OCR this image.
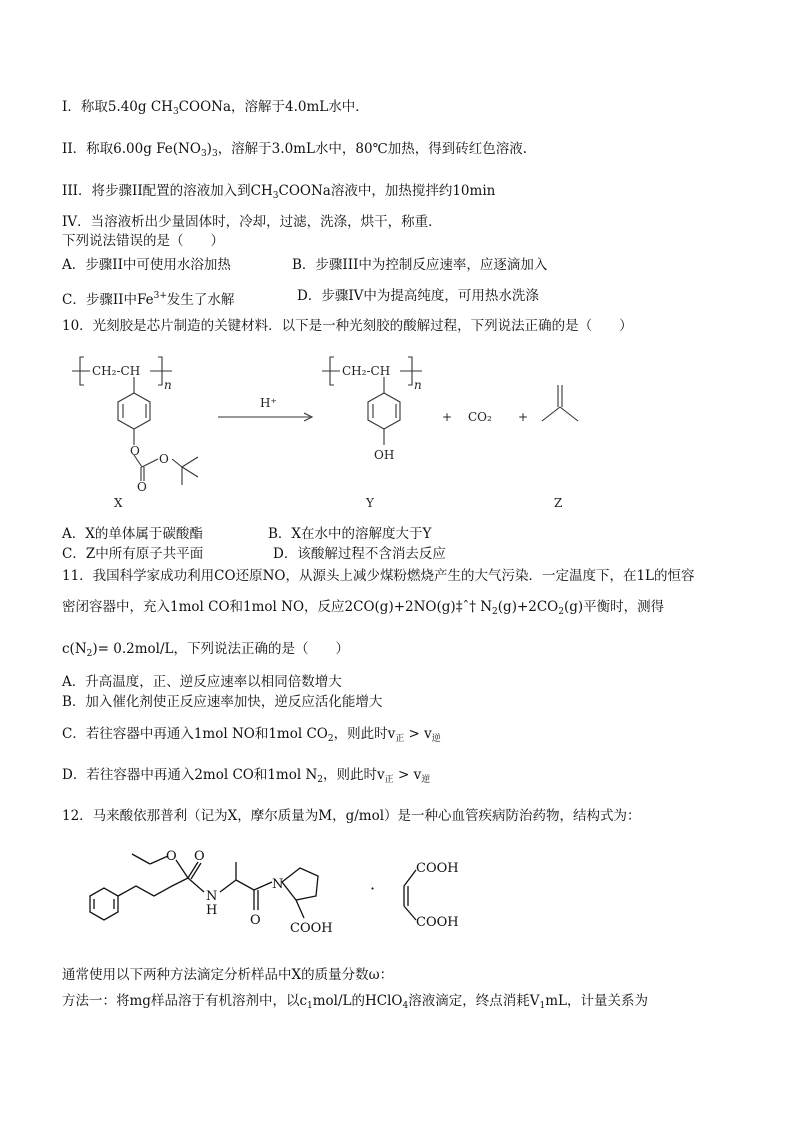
I．称取5.40g $CH_3COONa$，溶解于4.0mL水中．
II．称取6.00g $Fe(NO_3)_3$，溶解于3.0mL水中，80℃加热，得到砖红色溶液.
III．将步骤II配置的溶液加入到$CH_3COONa$溶液中，加热搅拌约10min
IV．当溶液析出少量固体时，冷却，过滤，洗涤，烘干，称重．
下列说法错误的是（　　）
A．步骤II中可使用水浴加热	B．步骤III中为控制反应速率，应逐滴加入
C．步骤II中$Fe^{3+}$发生了水解	D．步骤IV中为提高纯度，可用热水洗涤
10．光刻胶是芯片制造的关键材料．以下是一种光刻胶的酸解过程，下列说法正确的是（　　）
CH₂-CH
n
O
O
O
H⁺
CH₂-CH
n
OH
+ CO₂ +
X	Y	Z
A．X的单体属于碳酸酯	B．X在水中的溶解度大于Y
C．Z中所有原子共平面	D．该酸解过程不含消去反应
11．我国科学家成功利用CO还原NO，从源头上减少煤粉燃烧产生的大气污染．一定温度下，在1L的恒容
密闭容器中，充入1mol CO和1mol NO，反应2CO(g)+2NO(g)‡ˆ† $N_2(g)+2CO_2(g)$平衡时，测得
$c(N_2)= 0.2mol/L$，下列说法正确的是（　　）
A．升高温度，正、逆反应速率以相同倍数增大
B．加入催化剂使正反应速率加快，逆反应活化能增大
C．若往容器中再通入1mol NO和1mol $CO_2$，则此时$v_正 > v_逆$
D．若往容器中再通入2mol CO和1mol $N_2$，则此时$v_正 > v_逆$
12．马来酸依那普利（记为X，摩尔质量为M，g/mol）是一种心血管疾病防治药物，结构式为：
O
O
N
H
O
N
COOH
·
COOH
COOH
通常使用以下两种方法滴定分析样品中X的质量分数ω：
方法一：将mg样品溶于有机溶剂中，以$c_1mol/L$的HClO$_4$溶液滴定，终点消耗$V_1mL$，计量关系为
